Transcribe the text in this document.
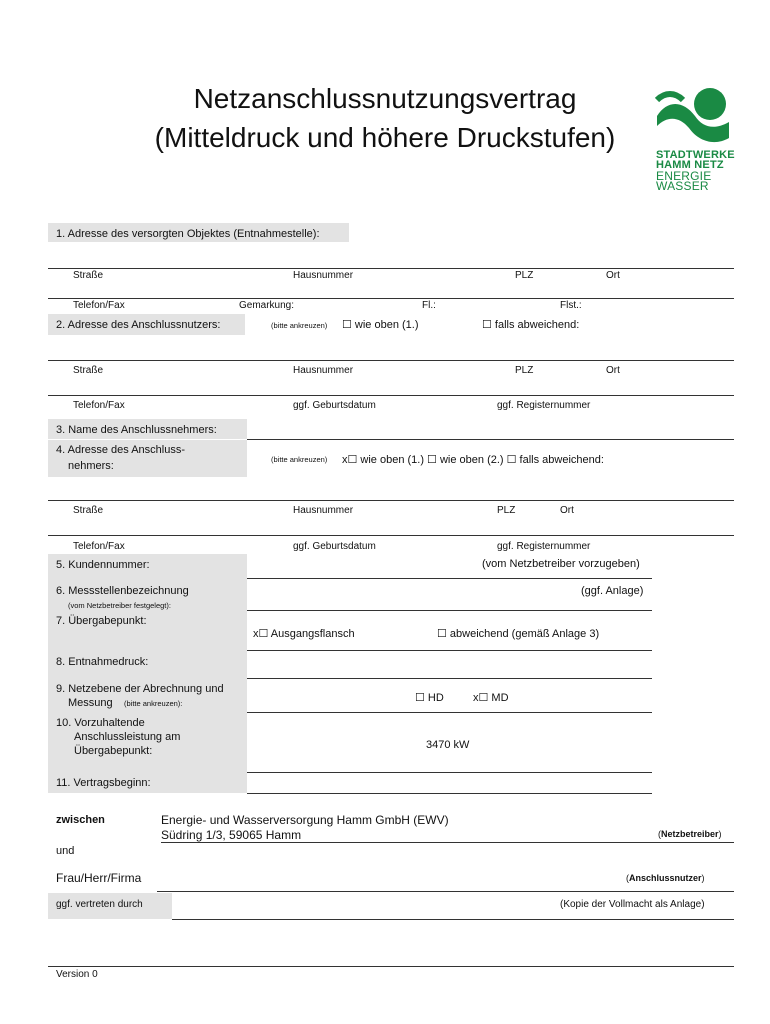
Netzanschlussnutzungsvertrag
(Mitteldruck und höhere Druckstufen)
STADTWERKE
HAMM NETZ
ENERGIE
WASSER
1. Adresse des versorgten Objektes (Entnahmestelle):
Straße	Hausnummer	PLZ	Ort
Telefon/Fax	Gemarkung:	Fl.:	Flst.:
2. Adresse des Anschlussnutzers:	(bitte ankreuzen) ☐ wie oben (1.)	☐ falls abweichend:
Straße	Hausnummer	PLZ	Ort
Telefon/Fax	ggf. Geburtsdatum	ggf. Registernummer
3. Name des Anschlussnehmers:
4. Adresse des Anschluss-
nehmers:
(bitte ankreuzen) x☐ wie oben (1.) ☐ wie oben (2.) ☐ falls abweichend:
Straße	Hausnummer	PLZ	Ort
Telefon/Fax	ggf. Geburtsdatum	ggf. Registernummer
5. Kundennummer:	(vom Netzbetreiber vorzugeben)
6. Messstellenbezeichnung
(vom Netzbetreiber festgelegt):
(ggf. Anlage)
7. Übergabepunkt:
x☐ Ausgangsflansch	☐ abweichend (gemäß Anlage 3)
8. Entnahmedruck:
9. Netzebene der Abrechnung und
Messung (bitte ankreuzen):	☐ HD	x☐ MD
10. Vorzuhaltende
Anschlussleistung am
Übergabepunkt:	3470 kW
11. Vertragsbeginn:
zwischen	Energie- und Wasserversorgung Hamm GmbH (EWV)
Südring 1/3, 59065 Hamm	(Netzbetreiber)
und
Frau/Herr/Firma	(Anschlussnutzer)
ggf. vertreten durch	(Kopie der Vollmacht als Anlage)
Version 0
